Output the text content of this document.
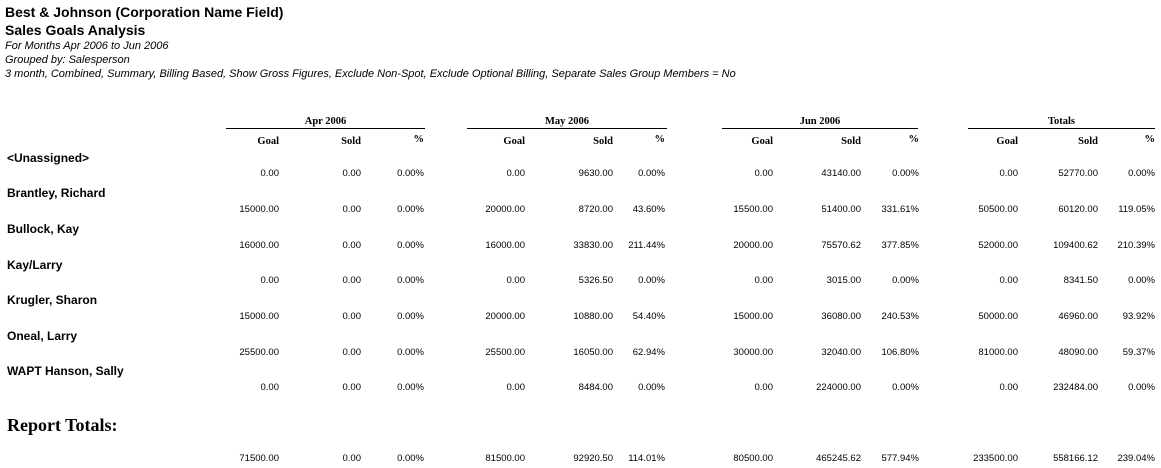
Best & Johnson (Corporation Name Field)
Sales Goals Analysis
For Months Apr 2006 to Jun 2006
Grouped by: Salesperson
3 month, Combined, Summary, Billing Based, Show Gross Figures, Exclude Non-Spot, Exclude Optional Billing, Separate Sales Group Members = No
Apr 2006
Goal	Sold	%
May 2006
Goal	Sold	%
Jun 2006
Goal	Sold	%
Totals
Goal	Sold	%
<Unassigned>
0.00	0.00	0.00%	0.00	9630.00	0.00%	0.00	43140.00	0.00%	0.00	52770.00	0.00%
Brantley, Richard
15000.00	0.00	0.00%	20000.00	8720.00	43.60%	15500.00	51400.00	331.61%	50500.00	60120.00	119.05%
Bullock, Kay
16000.00	0.00	0.00%	16000.00	33830.00	211.44%	20000.00	75570.62	377.85%	52000.00	109400.62	210.39%
Kay/Larry
0.00	0.00	0.00%	0.00	5326.50	0.00%	0.00	3015.00	0.00%	0.00	8341.50	0.00%
Krugler, Sharon
15000.00	0.00	0.00%	20000.00	10880.00	54.40%	15000.00	36080.00	240.53%	50000.00	46960.00	93.92%
Oneal, Larry
25500.00	0.00	0.00%	25500.00	16050.00	62.94%	30000.00	32040.00	106.80%	81000.00	48090.00	59.37%
WAPT Hanson, Sally
0.00	0.00	0.00%	0.00	8484.00	0.00%	0.00	224000.00	0.00%	0.00	232484.00	0.00%
Report Totals:
71500.00	0.00	0.00%	81500.00	92920.50	114.01%	80500.00	465245.62	577.94%	233500.00	558166.12	239.04%
